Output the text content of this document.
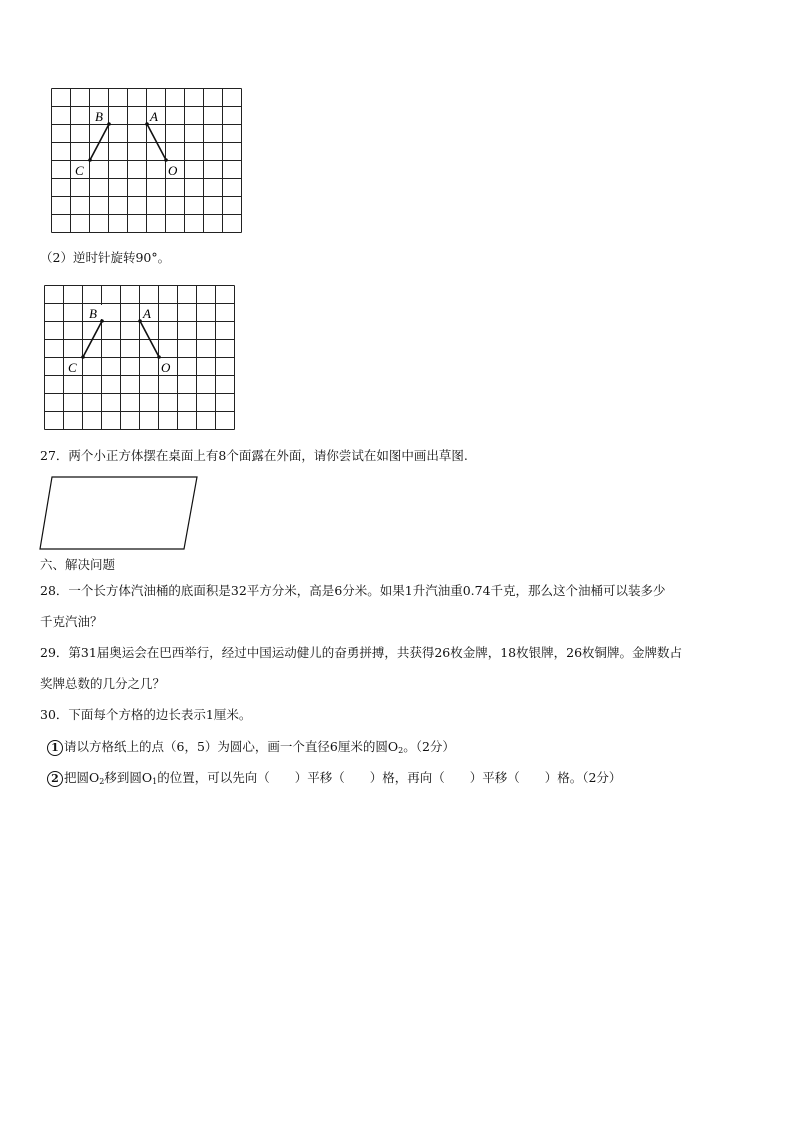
B	A
C	O
（2）逆时针旋转90°。
B	A
C	O
27．两个小正方体摆在桌面上有8个面露在外面，请你尝试在如图中画出草图.
六、解决问题
28．一个长方体汽油桶的底面积是32平方分米，高是6分米。如果1升汽油重0.74千克，那么这个油桶可以装多少
千克汽油？
29．第31届奥运会在巴西举行，经过中国运动健儿的奋勇拼搏，共获得26枚金牌，18枚银牌，26枚铜牌。金牌数占
奖牌总数的几分之几？
30．下面每个方格的边长表示1厘米。
1 请以方格纸上的点（6，5）为圆心，画一个直径6厘米的圆$O_2$。（2分）
2 把圆$O_2$移到圆$O_1$的位置，可以先向（　　）平移（　　）格，再向（　　）平移（　　）格。（2分）
